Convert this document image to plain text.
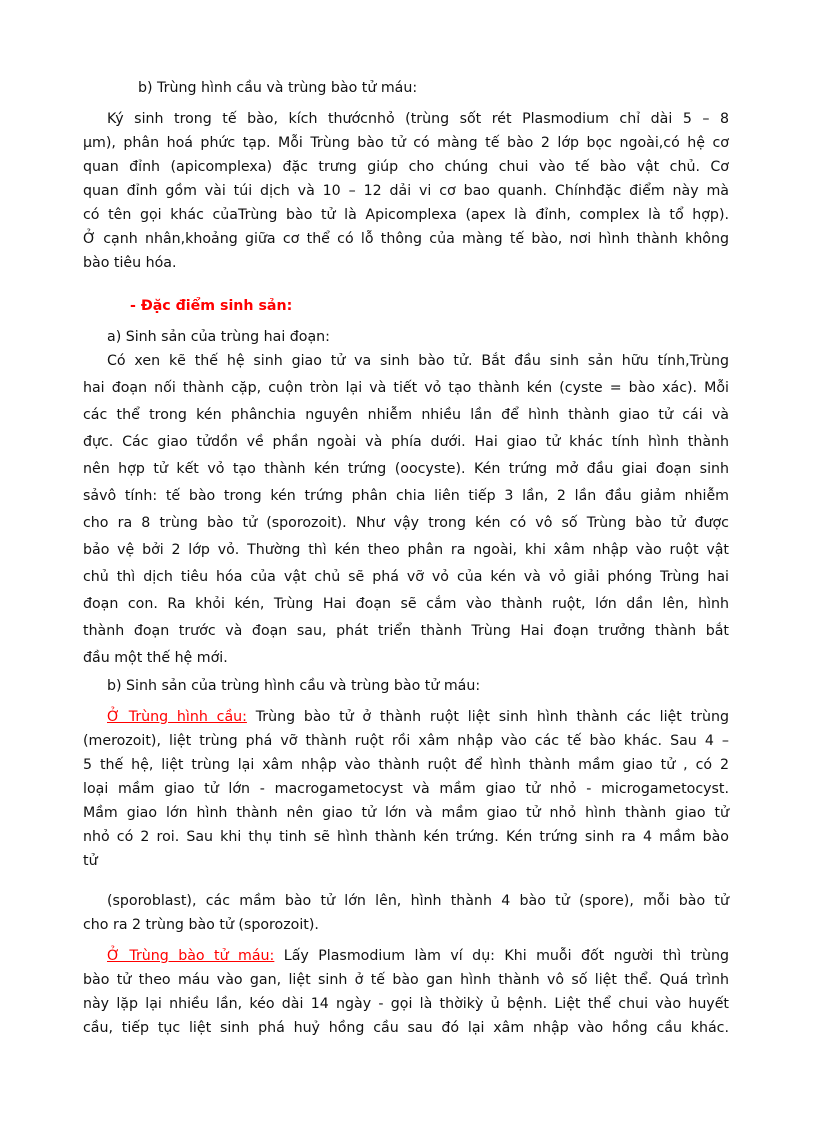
b) Trùng hình cầu và trùng bào tử máu:
Ký sinh trong tế bào, kích thướcnhỏ (trùng sốt rét Plasmodium chỉ dài 5 – 8
µm), phân hoá phức tạp. Mỗi Trùng bào tử có màng tế bào 2 lớp bọc ngoài,có hệ cơ
quan đỉnh (apicomplexa) đặc trưng giúp cho chúng chui vào tế bào vật chủ. Cơ
quan đỉnh gồm vài túi dịch và 10 – 12 dải vi cơ bao quanh. Chínhđặc điểm này mà
có tên gọi khác củaTrùng bào tử là Apicomplexa (apex là đỉnh, complex là tổ hợp).
Ở cạnh nhân,khoảng giữa cơ thể có lỗ thông của màng tế bào, nơi hình thành không
bào tiêu hóa.
- Đặc điểm sinh sản:
a) Sinh sản của trùng hai đoạn:
Có xen kẽ thế hệ sinh giao tử va sinh bào tử. Bắt đầu sinh sản hữu tính,Trùng
hai đoạn nối thành cặp, cuộn tròn lại và tiết vỏ tạo thành kén (cyste = bào xác). Mỗi
các thể trong kén phânchia nguyên nhiễm nhiều lần để hình thành giao tử cái và
đực. Các giao tửdồn về phần ngoài và phía dưới. Hai giao tử khác tính hình thành
nên hợp tử kết vỏ tạo thành kén trứng (oocyste). Kén trứng mở đầu giai đoạn sinh
sảvô tính: tế bào trong kén trứng phân chia liên tiếp 3 lần, 2 lần đầu giảm nhiễm
cho ra 8 trùng bào tử (sporozoit). Như vậy trong kén có vô số Trùng bào tử được
bảo vệ bởi 2 lớp vỏ. Thường thì kén theo phân ra ngoài, khi xâm nhập vào ruột vật
chủ thì dịch tiêu hóa của vật chủ sẽ phá vỡ vỏ của kén và vỏ giải phóng Trùng hai
đoạn con. Ra khỏi kén, Trùng Hai đoạn sẽ cắm vào thành ruột, lớn dần lên, hình
thành đoạn trước và đoạn sau, phát triển thành Trùng Hai đoạn trưởng thành bắt
đầu một thế hệ mới.
b) Sinh sản của trùng hình cầu và trùng bào tử máu:
Ở Trùng hình cầu: Trùng bào tử ở thành ruột liệt sinh hình thành các liệt trùng
(merozoit), liệt trùng phá vỡ thành ruột rồi xâm nhập vào các tế bào khác. Sau 4 –
5 thế hệ, liệt trùng lại xâm nhập vào thành ruột để hình thành mầm giao tử , có 2
loại mầm giao tử lớn - macrogametocyst và mầm giao tử nhỏ - microgametocyst.
Mầm giao lớn hình thành nên giao tử lớn và mầm giao tử nhỏ hình thành giao tử
nhỏ có 2 roi. Sau khi thụ tinh sẽ hình thành kén trứng. Kén trứng sinh ra 4 mầm bào
tử
(sporoblast), các mầm bào tử lớn lên, hình thành 4 bào tử (spore), mỗi bào tử
cho ra 2 trùng bào tử (sporozoit).
Ở Trùng bào tử máu: Lấy Plasmodium làm ví dụ: Khi muỗi đốt người thì trùng
bào tử theo máu vào gan, liệt sinh ở tế bào gan hình thành vô số liệt thể. Quá trình
này lặp lại nhiều lần, kéo dài 14 ngày - gọi là thờikỳ ủ bệnh. Liệt thể chui vào huyết
cầu, tiếp tục liệt sinh phá huỷ hồng cầu sau đó lại xâm nhập vào hồng cầu khác.
